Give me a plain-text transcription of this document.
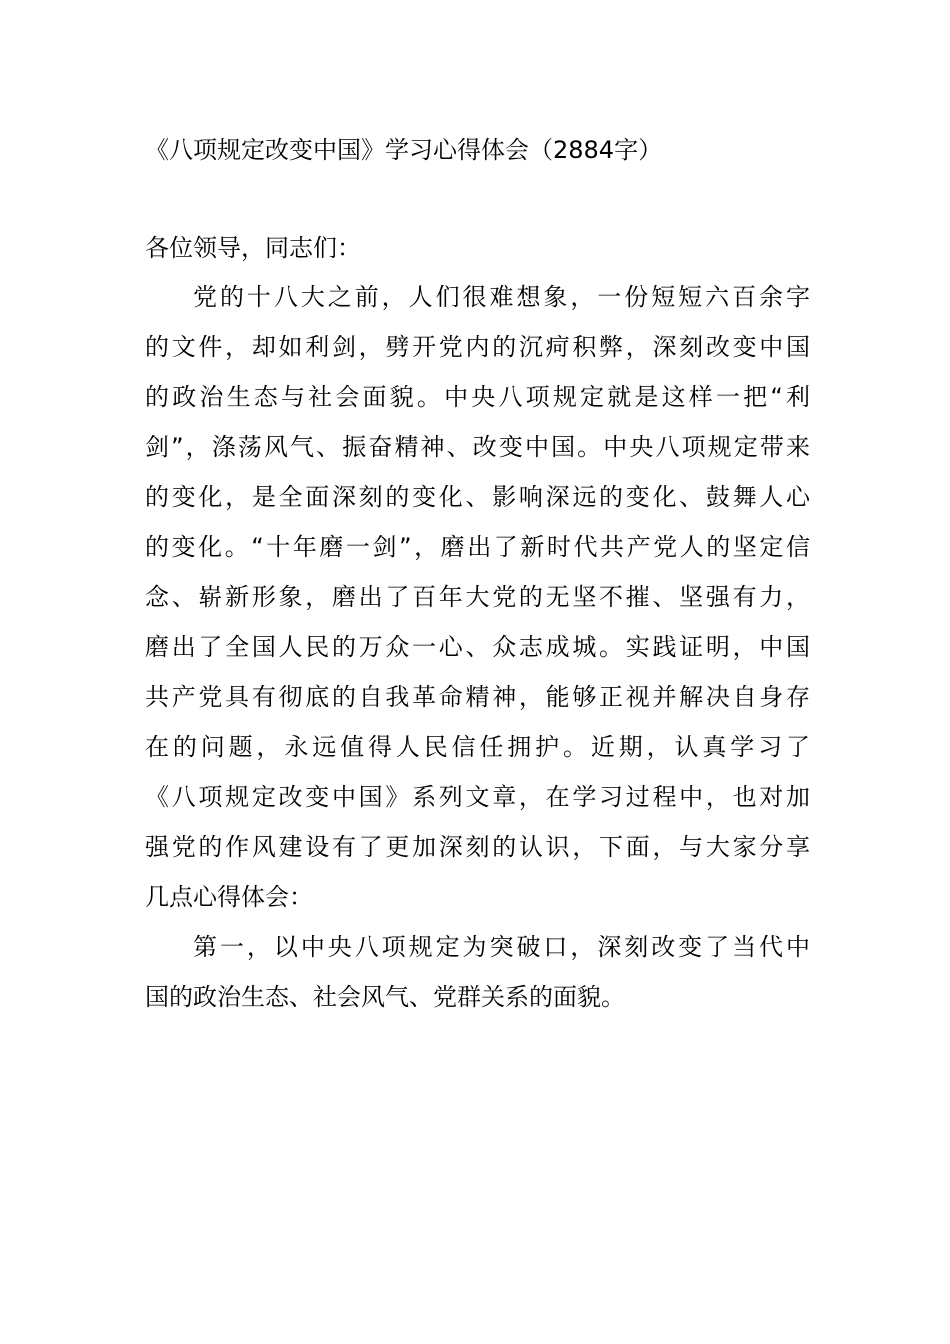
《八项规定改变中国》学习心得体会（2884字）
各位领导，同志们：
党的十八大之前，人们很难想象，一份短短六百余字
的文件，却如利剑，劈开党内的沉疴积弊，深刻改变中国
的政治生态与社会面貌。中央八项规定就是这样一把“利
剑”，涤荡风气、振奋精神、改变中国。中央八项规定带来
的变化，是全面深刻的变化、影响深远的变化、鼓舞人心
的变化。“十年磨一剑”，磨出了新时代共产党人的坚定信
念、崭新形象，磨出了百年大党的无坚不摧、坚强有力，
磨出了全国人民的万众一心、众志成城。实践证明，中国
共产党具有彻底的自我革命精神，能够正视并解决自身存
在的问题，永远值得人民信任拥护。近期，认真学习了
《八项规定改变中国》系列文章，在学习过程中，也对加
强党的作风建设有了更加深刻的认识，下面，与大家分享
几点心得体会：
第一，以中央八项规定为突破口，深刻改变了当代中
国的政治生态、社会风气、党群关系的面貌。
